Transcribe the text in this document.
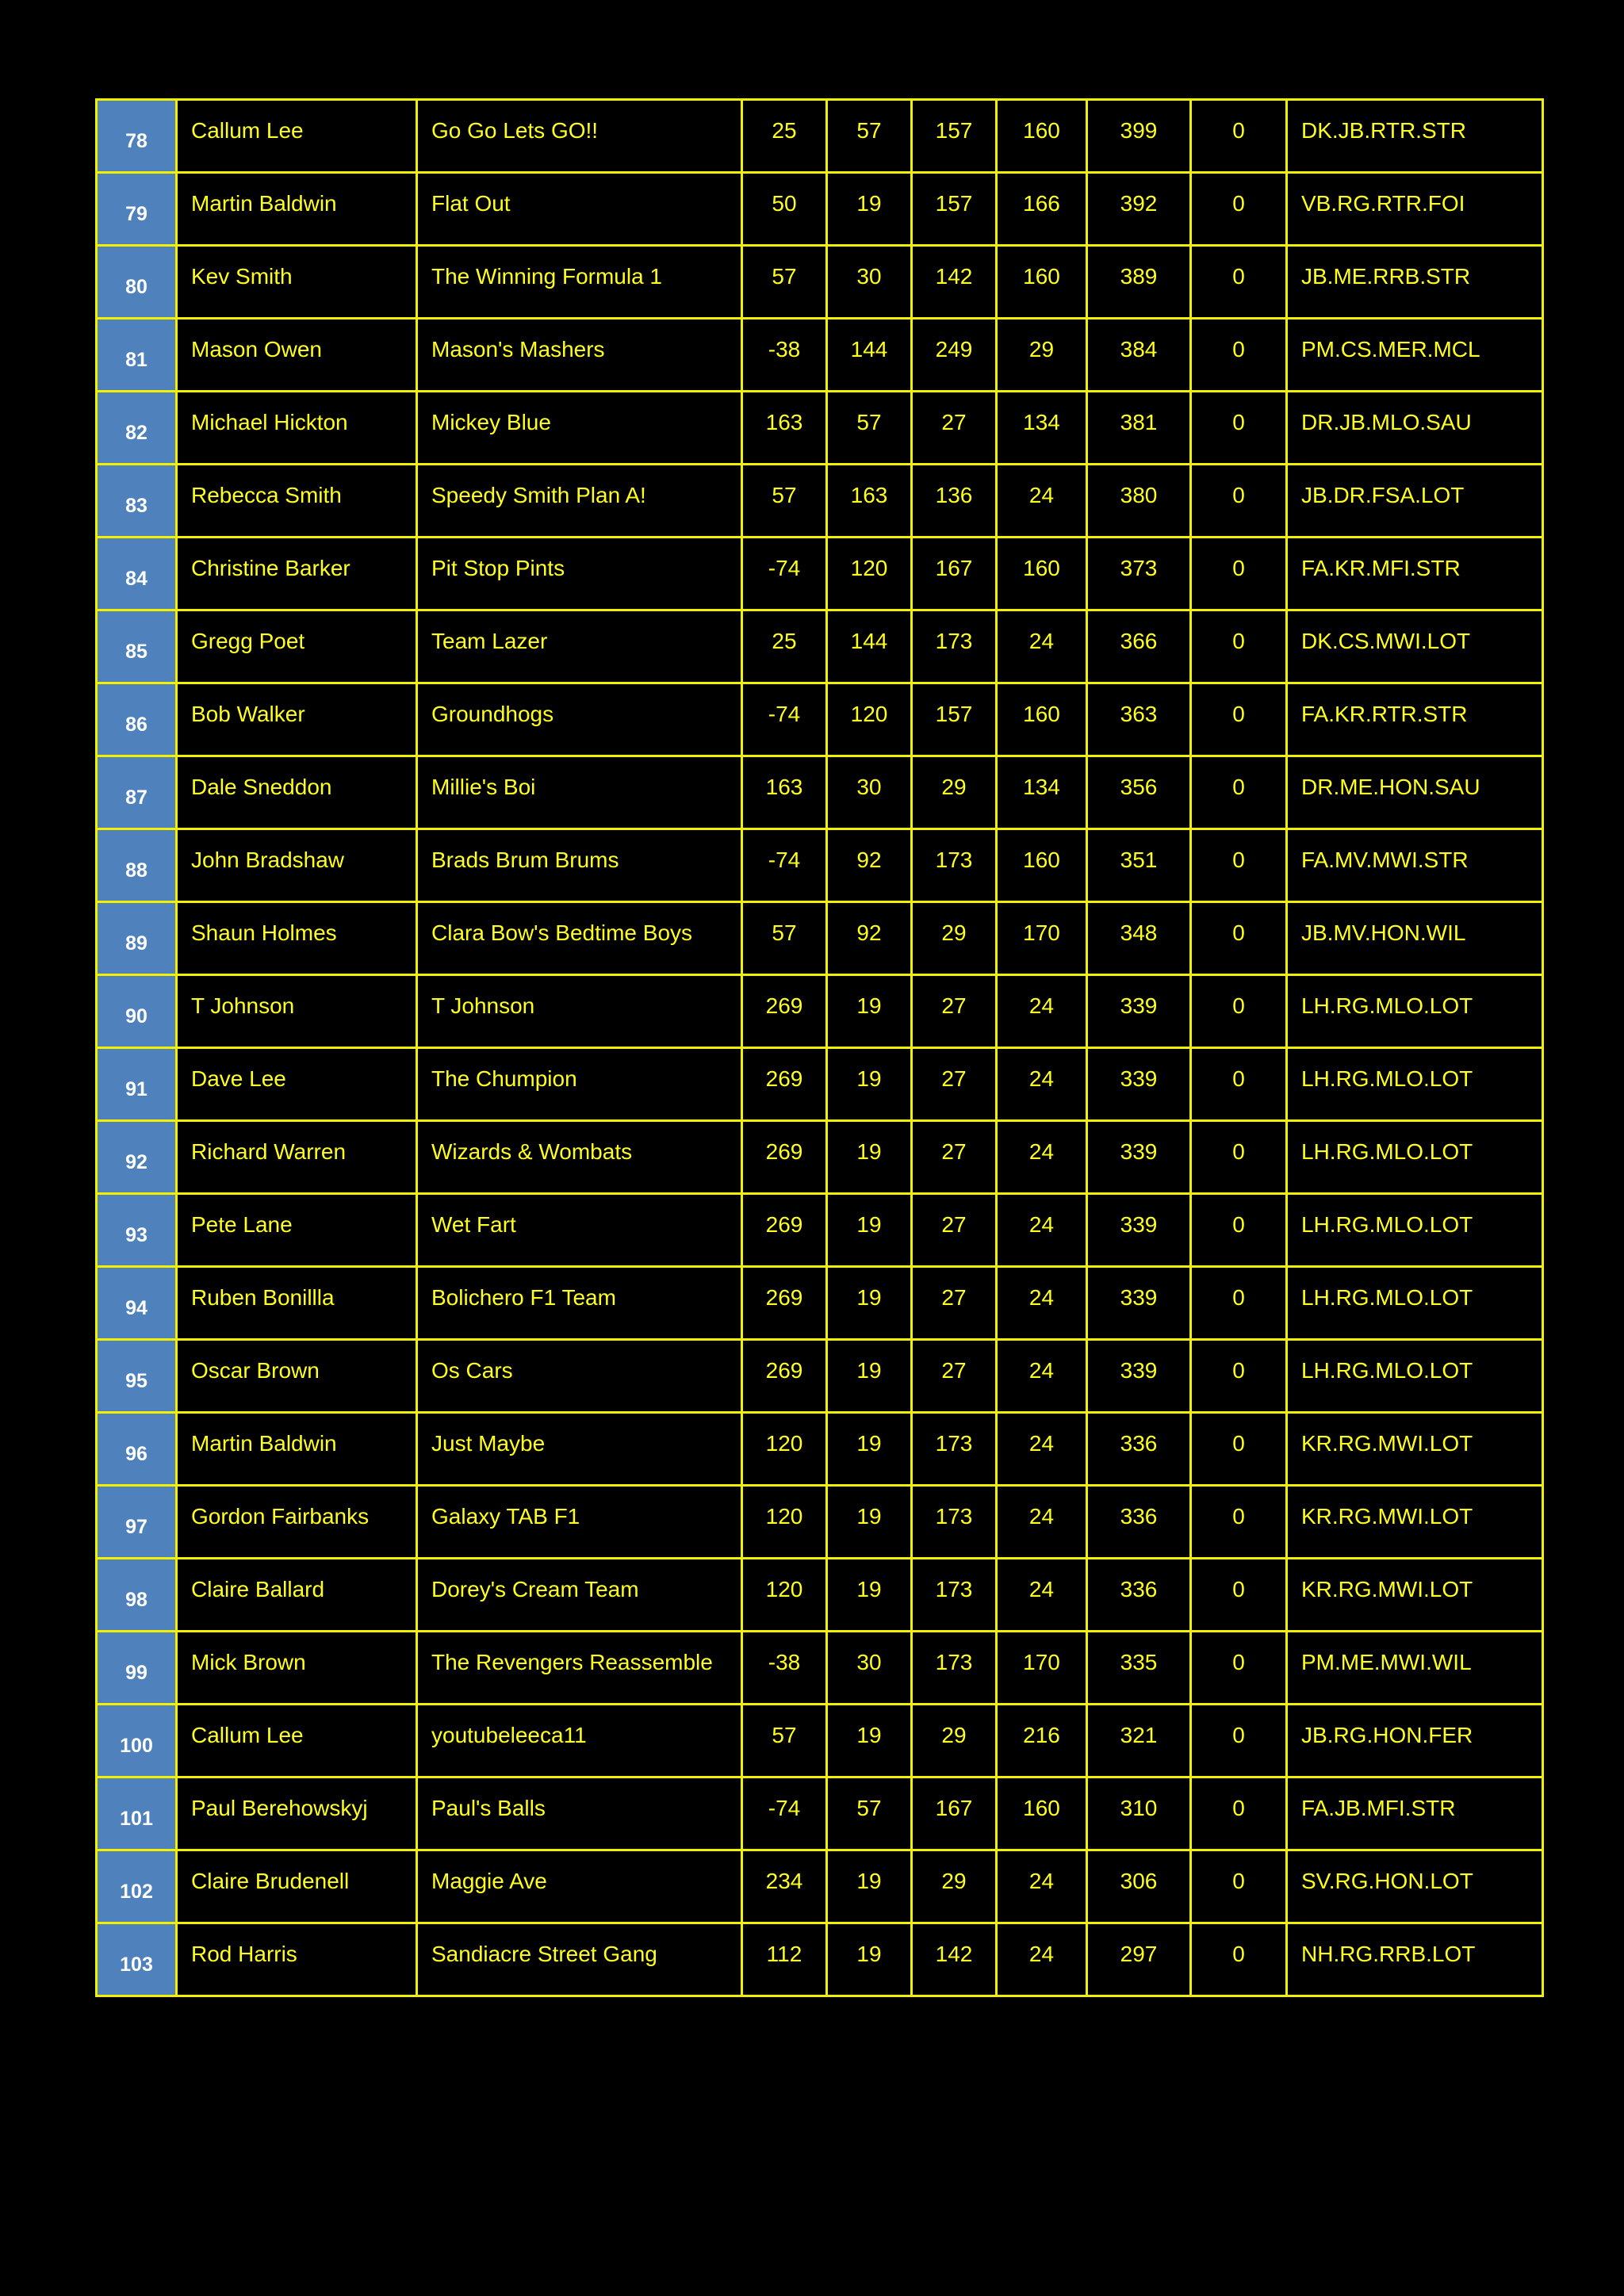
78	Callum Lee	Go Go Lets GO!!	25	57	157	160	399	0	DK.JB.RTR.STR
79	Martin Baldwin	Flat Out	50	19	157	166	392	0	VB.RG.RTR.FOI
80	Kev Smith	The Winning Formula 1	57	30	142	160	389	0	JB.ME.RRB.STR
81	Mason Owen	Mason's Mashers	-38	144	249	29	384	0	PM.CS.MER.MCL
82	Michael Hickton	Mickey Blue	163	57	27	134	381	0	DR.JB.MLO.SAU
83	Rebecca Smith	Speedy Smith Plan A!	57	163	136	24	380	0	JB.DR.FSA.LOT
84	Christine Barker	Pit Stop Pints	-74	120	167	160	373	0	FA.KR.MFI.STR
85	Gregg Poet	Team Lazer	25	144	173	24	366	0	DK.CS.MWI.LOT
86	Bob Walker	Groundhogs	-74	120	157	160	363	0	FA.KR.RTR.STR
87	Dale Sneddon	Millie's Boi	163	30	29	134	356	0	DR.ME.HON.SAU
88	John Bradshaw	Brads Brum Brums	-74	92	173	160	351	0	FA.MV.MWI.STR
89	Shaun Holmes	Clara Bow's Bedtime Boys	57	92	29	170	348	0	JB.MV.HON.WIL
90	T Johnson	T Johnson	269	19	27	24	339	0	LH.RG.MLO.LOT
91	Dave Lee	The Chumpion	269	19	27	24	339	0	LH.RG.MLO.LOT
92	Richard Warren	Wizards & Wombats	269	19	27	24	339	0	LH.RG.MLO.LOT
93	Pete Lane	Wet Fart	269	19	27	24	339	0	LH.RG.MLO.LOT
94	Ruben Bonillla	Bolichero F1 Team	269	19	27	24	339	0	LH.RG.MLO.LOT
95	Oscar Brown	Os Cars	269	19	27	24	339	0	LH.RG.MLO.LOT
96	Martin Baldwin	Just Maybe	120	19	173	24	336	0	KR.RG.MWI.LOT
97	Gordon Fairbanks	Galaxy TAB F1	120	19	173	24	336	0	KR.RG.MWI.LOT
98	Claire Ballard	Dorey's Cream Team	120	19	173	24	336	0	KR.RG.MWI.LOT
99	Mick Brown	The Revengers Reassemble	-38	30	173	170	335	0	PM.ME.MWI.WIL
100	Callum Lee	youtubeleeca11	57	19	29	216	321	0	JB.RG.HON.FER
101	Paul Berehowskyj	Paul's Balls	-74	57	167	160	310	0	FA.JB.MFI.STR
102	Claire Brudenell	Maggie Ave	234	19	29	24	306	0	SV.RG.HON.LOT
103	Rod Harris	Sandiacre Street Gang	112	19	142	24	297	0	NH.RG.RRB.LOT
